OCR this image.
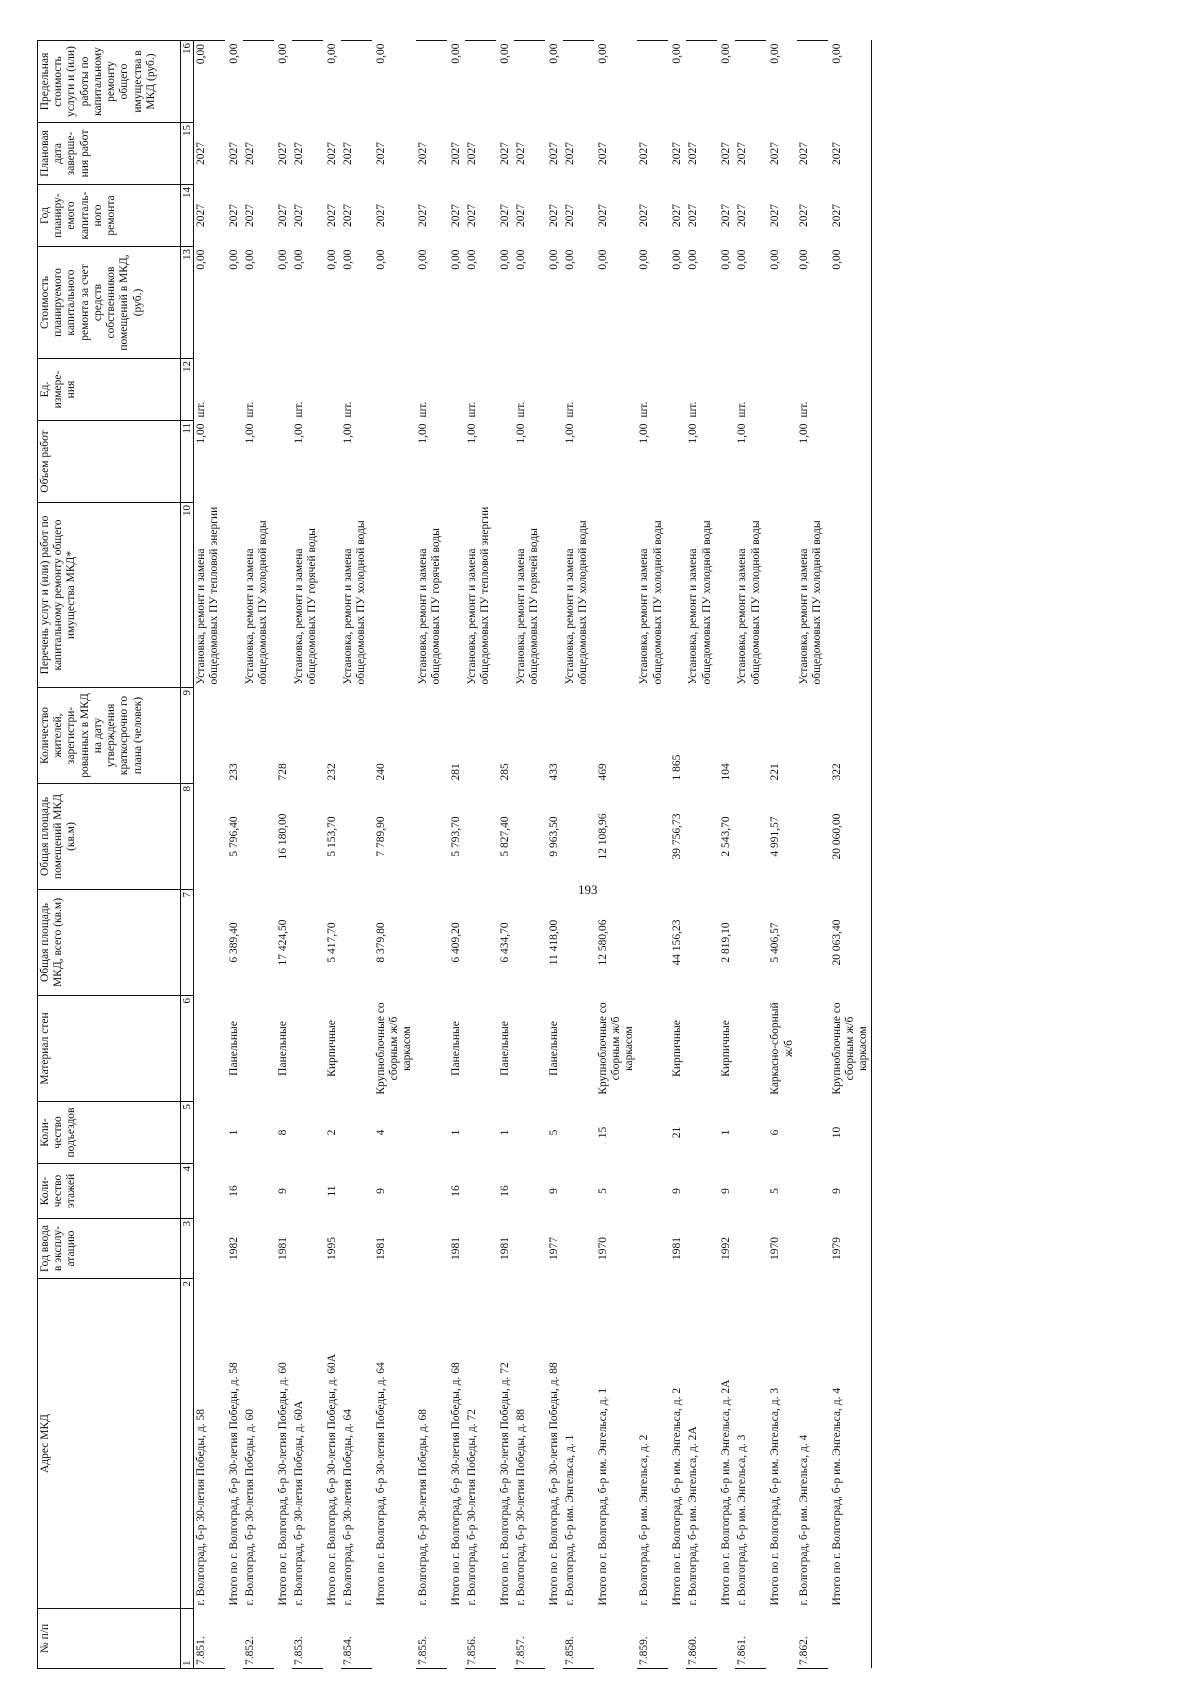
193
№ п/п	Адрес МКД	Год ввода в эксплу-атацию	Коли-чество этажей	Коли-чество подъездов	Материал стен	Общая площадь МКД, всего (кв.м)	Общая площадь помещений МКД (кв.м)	Количество жителей, зарегистри-рованных в МКД на дату утверждения краткосрочно го плана (человек)	Перечень услуг и (или) работ по капитальному ремонту общего имущества МКД*	Объем работ	Ед. измере-ния	Стоимость планируемого капитального ремонта за счет средств собственников помещений в МКД, (руб.)	Год планиру-емого капиталь-ного ремонта	Плановая дата заверше-ния работ	Предельная стоимость услуги и (или) работы по капитальному ремонту общего имущества в МКД (руб.)
1	2	3	4	5	6	7	8	9	10	11	12	13	14	15	16
7.851.	г. Волгоград, б-р 30-летия Победы, д. 58								Установка, ремонт и замена общедомовых ПУ тепловой энергии	1,00	шт.	0,00	2027	2027	0,00
	Итого по г. Волгоград, б-р 30-летия Победы, д. 58	1982	16	1	Панельные	6 389,40	5 796,40	233				0,00	2027	2027	0,00
7.852.	г. Волгоград, б-р 30-летия Победы, д. 60								Установка, ремонт и замена общедомовых ПУ холодной воды	1,00	шт.	0,00	2027	2027	
	Итого по г. Волгоград, б-р 30-летия Победы, д. 60	1981	9	8	Панельные	17 424,50	16 180,00	728				0,00	2027	2027	0,00
7.853.	г. Волгоград, б-р 30-летия Победы, д. 60А								Установка, ремонт и замена общедомовых ПУ горячей воды	1,00	шт.	0,00	2027	2027	
	Итого по г. Волгоград, б-р 30-летия Победы, д. 60А	1995	11	2	Кирпичные	5 417,70	5 153,70	232				0,00	2027	2027	0,00
7.854.	г. Волгоград, б-р 30-летия Победы, д. 64								Установка, ремонт и замена общедомовых ПУ холодной воды	1,00	шт.	0,00	2027	2027	
	Итого по г. Волгоград, б-р 30-летия Победы, д. 64	1981	9	4	Крупноблочные со сборным ж/б каркасом	8 379,80	7 789,90	240				0,00	2027	2027	0,00
7.855.	г. Волгоград, б-р 30-летия Победы, д. 68								Установка, ремонт и замена общедомовых ПУ горячей воды	1,00	шт.	0,00	2027	2027	
	Итого по г. Волгоград, б-р 30-летия Победы, д. 68	1981	16	1	Панельные	6 409,20	5 793,70	281				0,00	2027	2027	0,00
7.856.	г. Волгоград, б-р 30-летия Победы, д. 72								Установка, ремонт и замена общедомовых ПУ тепловой энергии	1,00	шт.	0,00	2027	2027	
	Итого по г. Волгоград, б-р 30-летия Победы, д. 72	1981	16	1	Панельные	6 434,70	5 827,40	285				0,00	2027	2027	0,00
7.857.	г. Волгоград, б-р 30-летия Победы, д. 88								Установка, ремонт и замена общедомовых ПУ горячей воды	1,00	шт.	0,00	2027	2027	
	Итого по г. Волгоград, б-р 30-летия Победы, д. 88	1977	9	5	Панельные	11 418,00	9 963,50	433				0,00	2027	2027	0,00
7.858.	г. Волгоград, б-р им. Энгельса, д. 1								Установка, ремонт и замена общедомовых ПУ холодной воды	1,00	шт.	0,00	2027	2027	
	Итого по г. Волгоград, б-р им. Энгельса, д. 1	1970	5	15	Крупноблочные со сборным ж/б каркасом	12 580,06	12 108,96	469				0,00	2027	2027	0,00
7.859.	г. Волгоград, б-р им. Энгельса, д. 2								Установка, ремонт и замена общедомовых ПУ холодной воды	1,00	шт.	0,00	2027	2027	
	Итого по г. Волгоград, б-р им. Энгельса, д. 2	1981	9	21	Кирпичные	44 156,23	39 756,73	1 865				0,00	2027	2027	0,00
7.860.	г. Волгоград, б-р им. Энгельса, д. 2А								Установка, ремонт и замена общедомовых ПУ холодной воды	1,00	шт.	0,00	2027	2027	
	Итого по г. Волгоград, б-р им. Энгельса, д. 2А	1992	9	1	Кирпичные	2 819,10	2 543,70	104				0,00	2027	2027	0,00
7.861.	г. Волгоград, б-р им. Энгельса, д. 3								Установка, ремонт и замена общедомовых ПУ холодной воды	1,00	шт.	0,00	2027	2027	
	Итого по г. Волгоград, б-р им. Энгельса, д. 3	1970	5	6	Каркасно-сборный ж/б	5 406,57	4 991,57	221				0,00	2027	2027	0,00
7.862.	г. Волгоград, б-р им. Энгельса, д. 4								Установка, ремонт и замена общедомовых ПУ холодной воды	1,00	шт.	0,00	2027	2027	
	Итого по г. Волгоград, б-р им. Энгельса, д. 4	1979	9	10	Крупноблочные со сборным ж/б каркасом	20 063,40	20 060,00	322				0,00	2027	2027	0,00
